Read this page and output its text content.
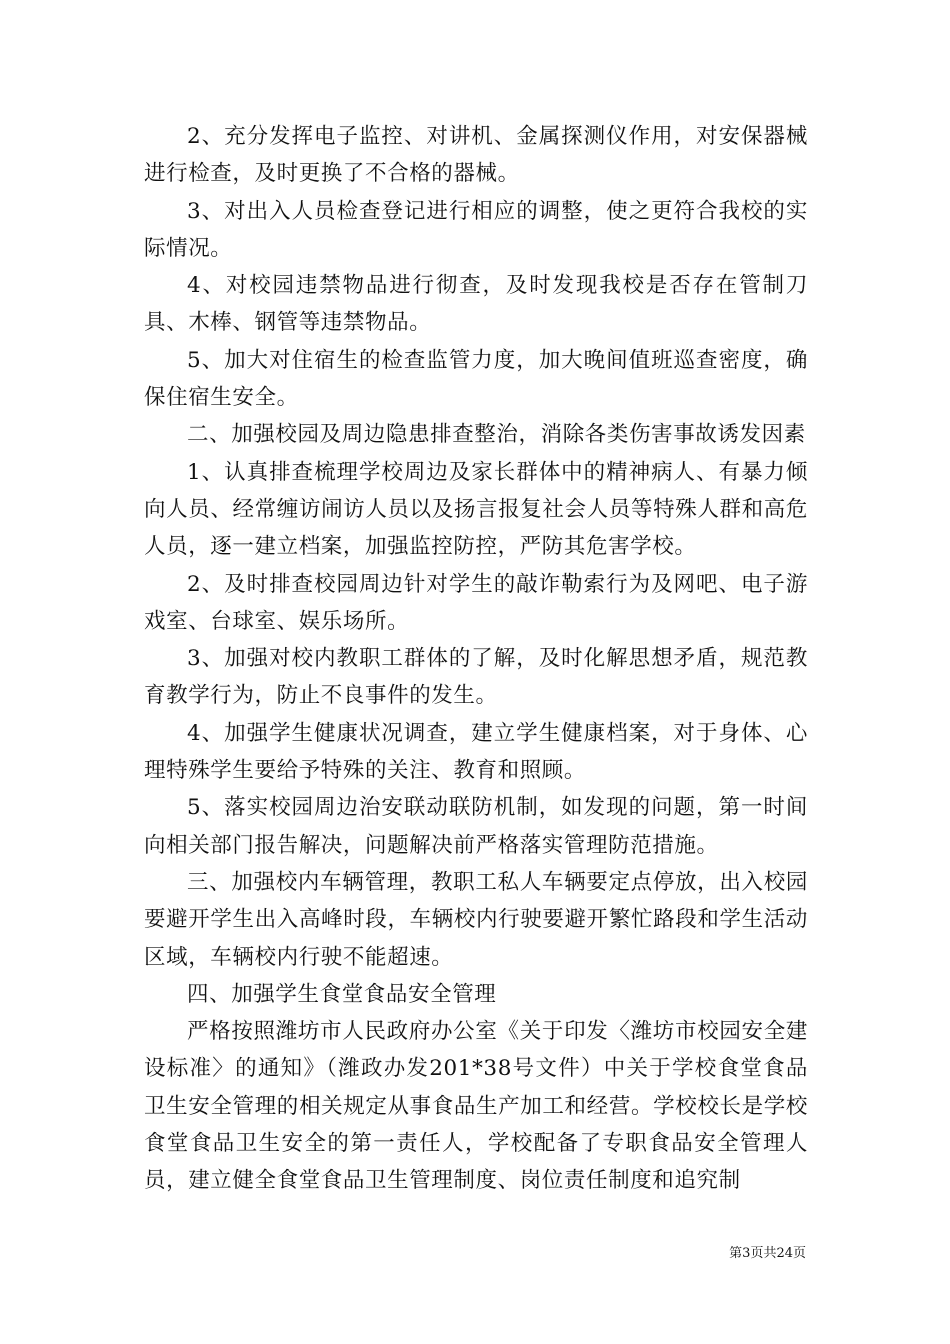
2、充分发挥电子监控、对讲机、金属探测仪作用，对安保器械进行检查，及时更换了不合格的器械。

3、对出入人员检查登记进行相应的调整，使之更符合我校的实际情况。

4、对校园违禁物品进行彻查，及时发现我校是否存在管制刀具、木棒、钢管等违禁物品。

5、加大对住宿生的检查监管力度，加大晚间值班巡查密度，确保住宿生安全。

二、加强校园及周边隐患排查整治，消除各类伤害事故诱发因素

1、认真排查梳理学校周边及家长群体中的精神病人、有暴力倾向人员、经常缠访闹访人员以及扬言报复社会人员等特殊人群和高危人员，逐一建立档案，加强监控防控，严防其危害学校。

2、及时排查校园周边针对学生的敲诈勒索行为及网吧、电子游戏室、台球室、娱乐场所。

3、加强对校内教职工群体的了解，及时化解思想矛盾，规范教育教学行为，防止不良事件的发生。

4、加强学生健康状况调查，建立学生健康档案，对于身体、心理特殊学生要给予特殊的关注、教育和照顾。

5、落实校园周边治安联动联防机制，如发现的问题，第一时间向相关部门报告解决，问题解决前严格落实管理防范措施。

三、加强校内车辆管理，教职工私人车辆要定点停放，出入校园要避开学生出入高峰时段，车辆校内行驶要避开繁忙路段和学生活动区域，车辆校内行驶不能超速。

四、加强学生食堂食品安全管理

严格按照潍坊市人民政府办公室《关于印发〈潍坊市校园安全建设标准〉的通知》（潍政办发201*38号文件）中关于学校食堂食品卫生安全管理的相关规定从事食品生产加工和经营。学校校长是学校食堂食品卫生安全的第一责任人，学校配备了专职食品安全管理人员，建立健全食堂食品卫生管理制度、岗位责任制度和追究制

第3页共24页
